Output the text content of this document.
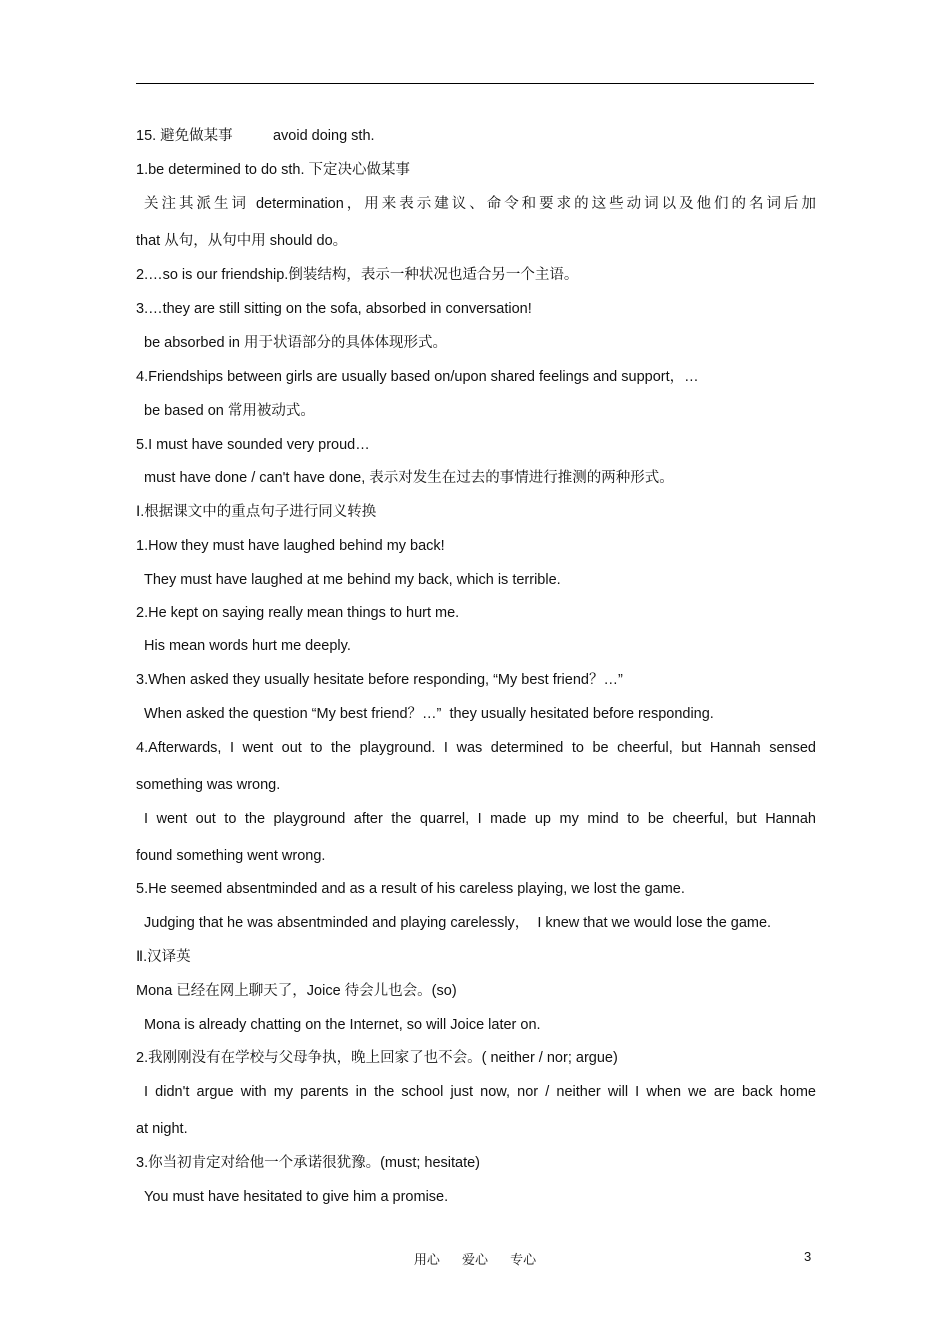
15. 避免做某事          avoid doing sth.
1.be determined to do sth. 下定决心做某事
关注其派生词 determination，用来表示建议、命令和要求的这些动词以及他们的名词后加
that 从句，从句中用 should do。
2.…so is our friendship.倒装结构，表示一种状况也适合另一个主语。
3.…they are still sitting on the sofa, absorbed in conversation!
be absorbed in 用于状语部分的具体体现形式。
4.Friendships between girls are usually based on/upon shared feelings and support，…
be based on 常用被动式。
5.I must have sounded very proud…
must have done / can't have done, 表示对发生在过去的事情进行推测的两种形式。
Ⅰ.根据课文中的重点句子进行同义转换
1.How they must have laughed behind my back!
They must have laughed at me behind my back, which is terrible.
2.He kept on saying really mean things to hurt me.
His mean words hurt me deeply.
3.When asked they usually hesitate before responding, “My best friend？…”
When asked the question “My best friend？…”  they usually hesitated before responding.
4.Afterwards, I went out to the playground. I was determined to be cheerful, but Hannah sensed
something was wrong.
I went out to the playground after the quarrel, I made up my mind to be cheerful, but Hannah
found something went wrong.
5.He seemed absentminded and as a result of his careless playing, we lost the game.
Judging that he was absentminded and playing carelessly，  I knew that we would lose the game.
Ⅱ.汉译英
Mona 已经在网上聊天了，Joice 待会儿也会。(so)
Mona is already chatting on the Internet, so will Joice later on.
2.我刚刚没有在学校与父母争执，晚上回家了也不会。( neither / nor; argue)
I didn't argue with my parents in the school just now, nor / neither will I when we are back home
at night.
3.你当初肯定对给他一个承诺很犹豫。(must; hesitate)
You must have hesitated to give him a promise.
用心 爱心 专心	3
